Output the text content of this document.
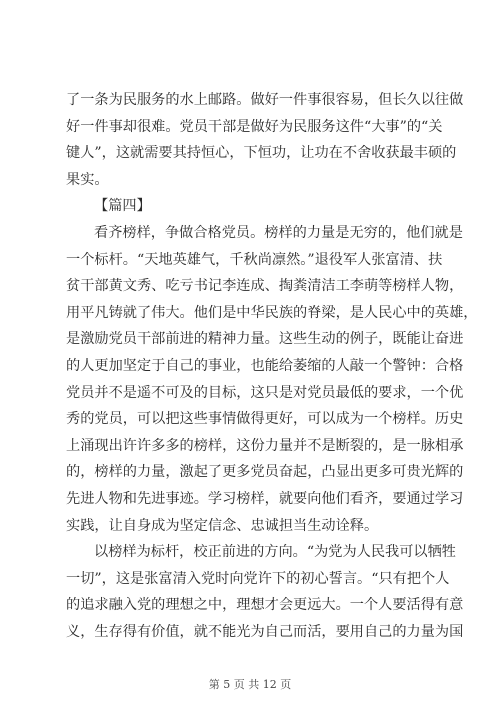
了一条为民服务的水上邮路。做好一件事很容易，但长久以往做
好一件事却很难。党员干部是做好为民服务这件“大事”的“关
键人”，这就需要其持恒心，下恒功，让功在不舍收获最丰硕的
果实。
【篇四】
看齐榜样，争做合格党员。榜样的力量是无穷的，他们就是
一个标杆。“天地英雄气，千秋尚凛然。”退役军人张富清、扶
贫干部黄文秀、吃亏书记李连成、掏粪清洁工李萌等榜样人物，
用平凡铸就了伟大。他们是中华民族的脊梁，是人民心中的英雄，
是激励党员干部前进的精神力量。这些生动的例子，既能让奋进
的人更加坚定于自己的事业，也能给萎缩的人敲一个警钟：合格
党员并不是遥不可及的目标，这只是对党员最低的要求，一个优
秀的党员，可以把这些事情做得更好，可以成为一个榜样。历史
上涌现出许许多多的榜样，这份力量并不是断裂的，是一脉相承
的，榜样的力量，激起了更多党员奋起，凸显出更多可贵光辉的
先进人物和先进事迹。学习榜样，就要向他们看齐，要通过学习
实践，让自身成为坚定信念、忠诚担当生动诠释。
以榜样为标杆，校正前进的方向。“为党为人民我可以牺牲
一切”，这是张富清入党时向党许下的初心誓言。“只有把个人
的追求融入党的理想之中，理想才会更远大。一个人要活得有意
义，生存得有价值，就不能光为自己而活，要用自己的力量为国
第 5 页 共 12 页
